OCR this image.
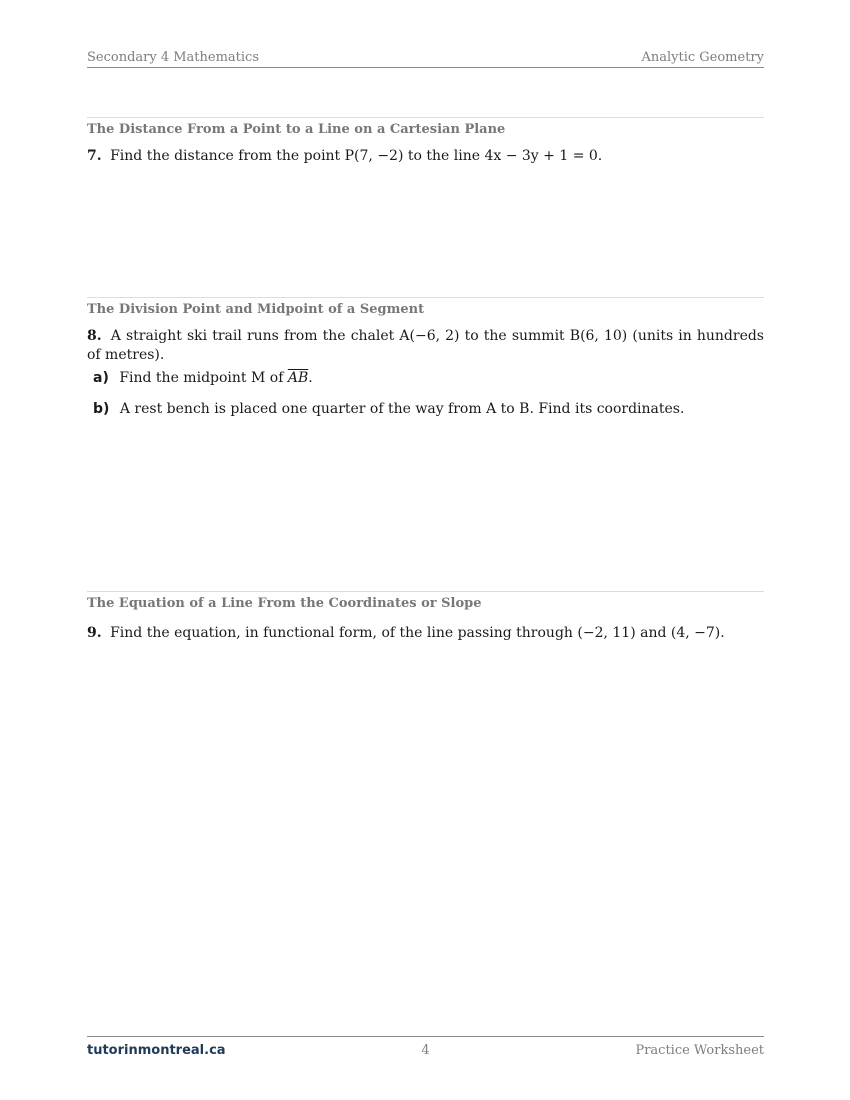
Secondary 4 Mathematics	Analytic Geometry
The Distance From a Point to a Line on a Cartesian Plane
7. Find the distance from the point P(7, −2) to the line 4x − 3y + 1 = 0.
The Division Point and Midpoint of a Segment
8. A straight ski trail runs from the chalet A(−6, 2) to the summit B(6, 10) (units in hundreds of metres).
a) Find the midpoint M of $\overline{AB}$.
b) A rest bench is placed one quarter of the way from A to B. Find its coordinates.
The Equation of a Line From the Coordinates or Slope
9. Find the equation, in functional form, of the line passing through (−2, 11) and (4, −7).
tutorinmontreal.ca	4	Practice Worksheet
